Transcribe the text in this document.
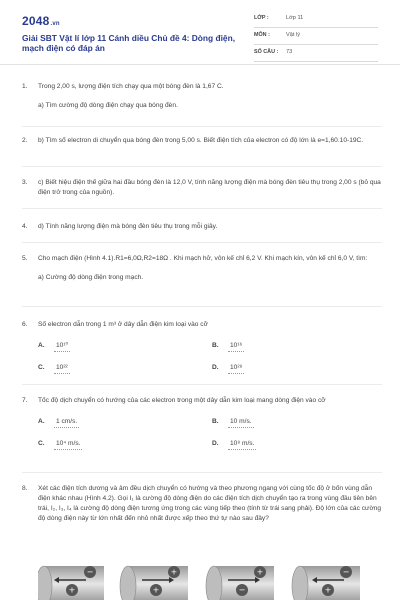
2048.vn
Giải SBT Vật lí lớp 11 Cánh diều Chủ đề 4: Dòng điện, mạch điện có đáp án
LỚP :	Lớp 11
MÔN :	Vật lý
SỐ CÂU : 73
1.	Trong 2,00 s, lượng điện tích chạy qua một bóng đèn là 1,67 C.
a) Tìm cường độ dòng điện chạy qua bóng đèn.
2.	b) Tìm số electron di chuyển qua bóng đèn trong 5,00 s. Biết điện tích của electron có độ lớn là e=1,60.10-19C.
3.	c) Biết hiệu điện thế giữa hai đầu bóng đèn là 12,0 V, tính năng lượng điện mà bóng đèn tiêu thụ trong 2,00 s (bỏ qua điện trở trong của nguồn).
4.	d) Tính năng lượng điện mà bóng đèn tiêu thụ trong mỗi giây.
5.	Cho mạch điện (Hình 4.1).R1=6,0Ω,R2=18Ω . Khi mạch hở, vôn kế chỉ 6,2 V. Khi mạch kín, vôn kế chỉ 6,0 V, tìm:
a) Cường độ dòng điện trong mạch.
6.	Số electron dẫn trong 1 m³ ở dây dẫn điện kim loại vào cỡ
A. 10¹⁰	B. 10¹⁶
C. 10²²	D. 10²⁸
7.	Tốc độ dịch chuyển có hướng của các electron trong một dây dẫn kim loại mang dòng điện vào cỡ
A. 1 cm/s.	B. 10 m/s.
C. 10⁴ m/s.	D. 10⁸ m/s.
8.	Xét các điện tích dương và âm đều dịch chuyển có hướng và theo phương ngang với cùng tốc độ ở bốn vùng dẫn điện khác nhau (Hình 4.2). Gọi I₁ là cường độ dòng điện do các điện tích dịch chuyển tạo ra trong vùng đầu tiên bên trái, I₂, I₃, I₄ là cường độ dòng điện tương ứng trong các vùng tiếp theo (tính từ trái sang phải). Độ lớn của các cường độ dòng điện này từ lớn nhất đến nhỏ nhất được xếp theo thứ tự nào sau đây?
+
−
+
+
−
+
+
−
